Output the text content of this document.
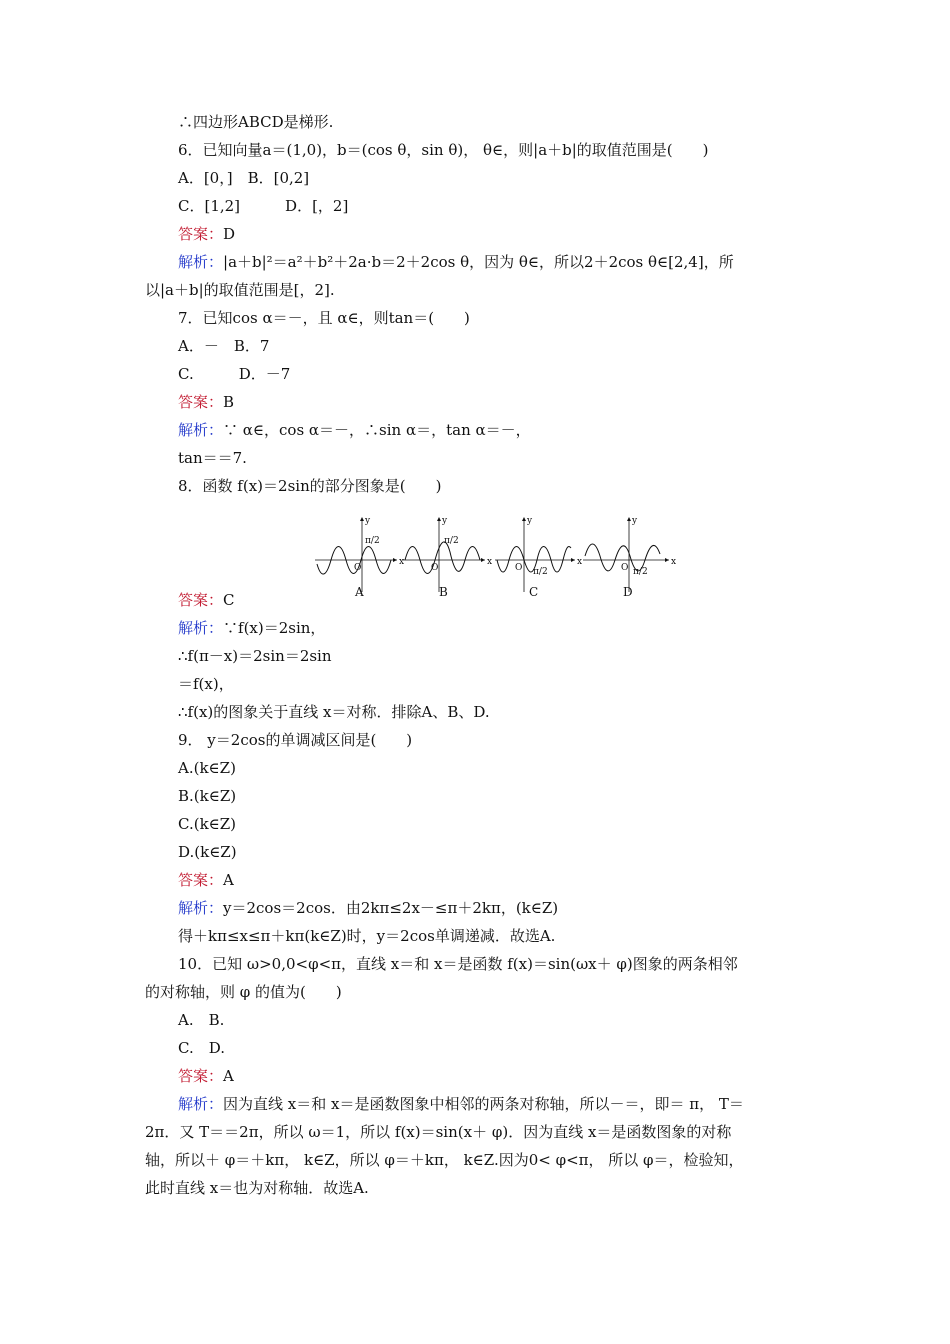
∴四边形ABCD是梯形.
6．已知向量a＝(1,0)，b＝(cos θ，sin θ)， θ∈，则|a＋b|的取值范围是(　　)
A．[0，]　B．[0,2]
C．[1,2]　　　D．[，2]
答案：D
解析：|a＋b|²＝a²＋b²＋2a·b＝2＋2cos θ，因为 θ∈，所以2＋2cos θ∈[2,4]，所
以|a＋b|的取值范围是[，2].
7．已知cos α＝－，且 α∈，则tan＝(　　)
A．－　B．7
C.　　　D．－7
答案：B
解析：∵ α∈，cos α＝－，∴sin α＝，tan α＝－，
tan＝＝7.
8．函数 f(x)＝2sin的部分图象是(　　)
答案：C
解析：∵f(x)＝2sin，
∴f(π－x)＝2sin＝2sin
＝f(x)，
∴f(x)的图象关于直线 x＝对称．排除A、B、D.
9． y＝2cos的单调减区间是(　　)
A.(k∈Z)
B.(k∈Z)
C.(k∈Z)
D.(k∈Z)
答案：A
解析：y＝2cos＝2cos．由2kπ≤2x－≤π＋2kπ，(k∈Z)
得＋kπ≤x≤π＋kπ(k∈Z)时，y＝2cos单调递减．故选A.
10．已知 ω>0,0<φ<π，直线 x＝和 x＝是函数 f(x)＝sin(ωx＋ φ)图象的两条相邻
的对称轴，则 φ 的值为(　　)
A.　B.
C.　D.
答案：A
解析：因为直线 x＝和 x＝是函数图象中相邻的两条对称轴，所以－＝，即＝ π， T＝
2π．又 T＝＝2π，所以 ω＝1，所以 f(x)＝sin(x＋ φ)．因为直线 x＝是函数图象的对称
轴，所以＋ φ＝＋kπ， k∈Z，所以 φ＝＋kπ， k∈Z.因为0< φ<π， 所以 φ＝，检验知，
此时直线 x＝也为对称轴．故选A.
y
x
O
π/2
A
y
x
O
π/2
B
y
x
O π/2
C
y
x
O π/2
D
